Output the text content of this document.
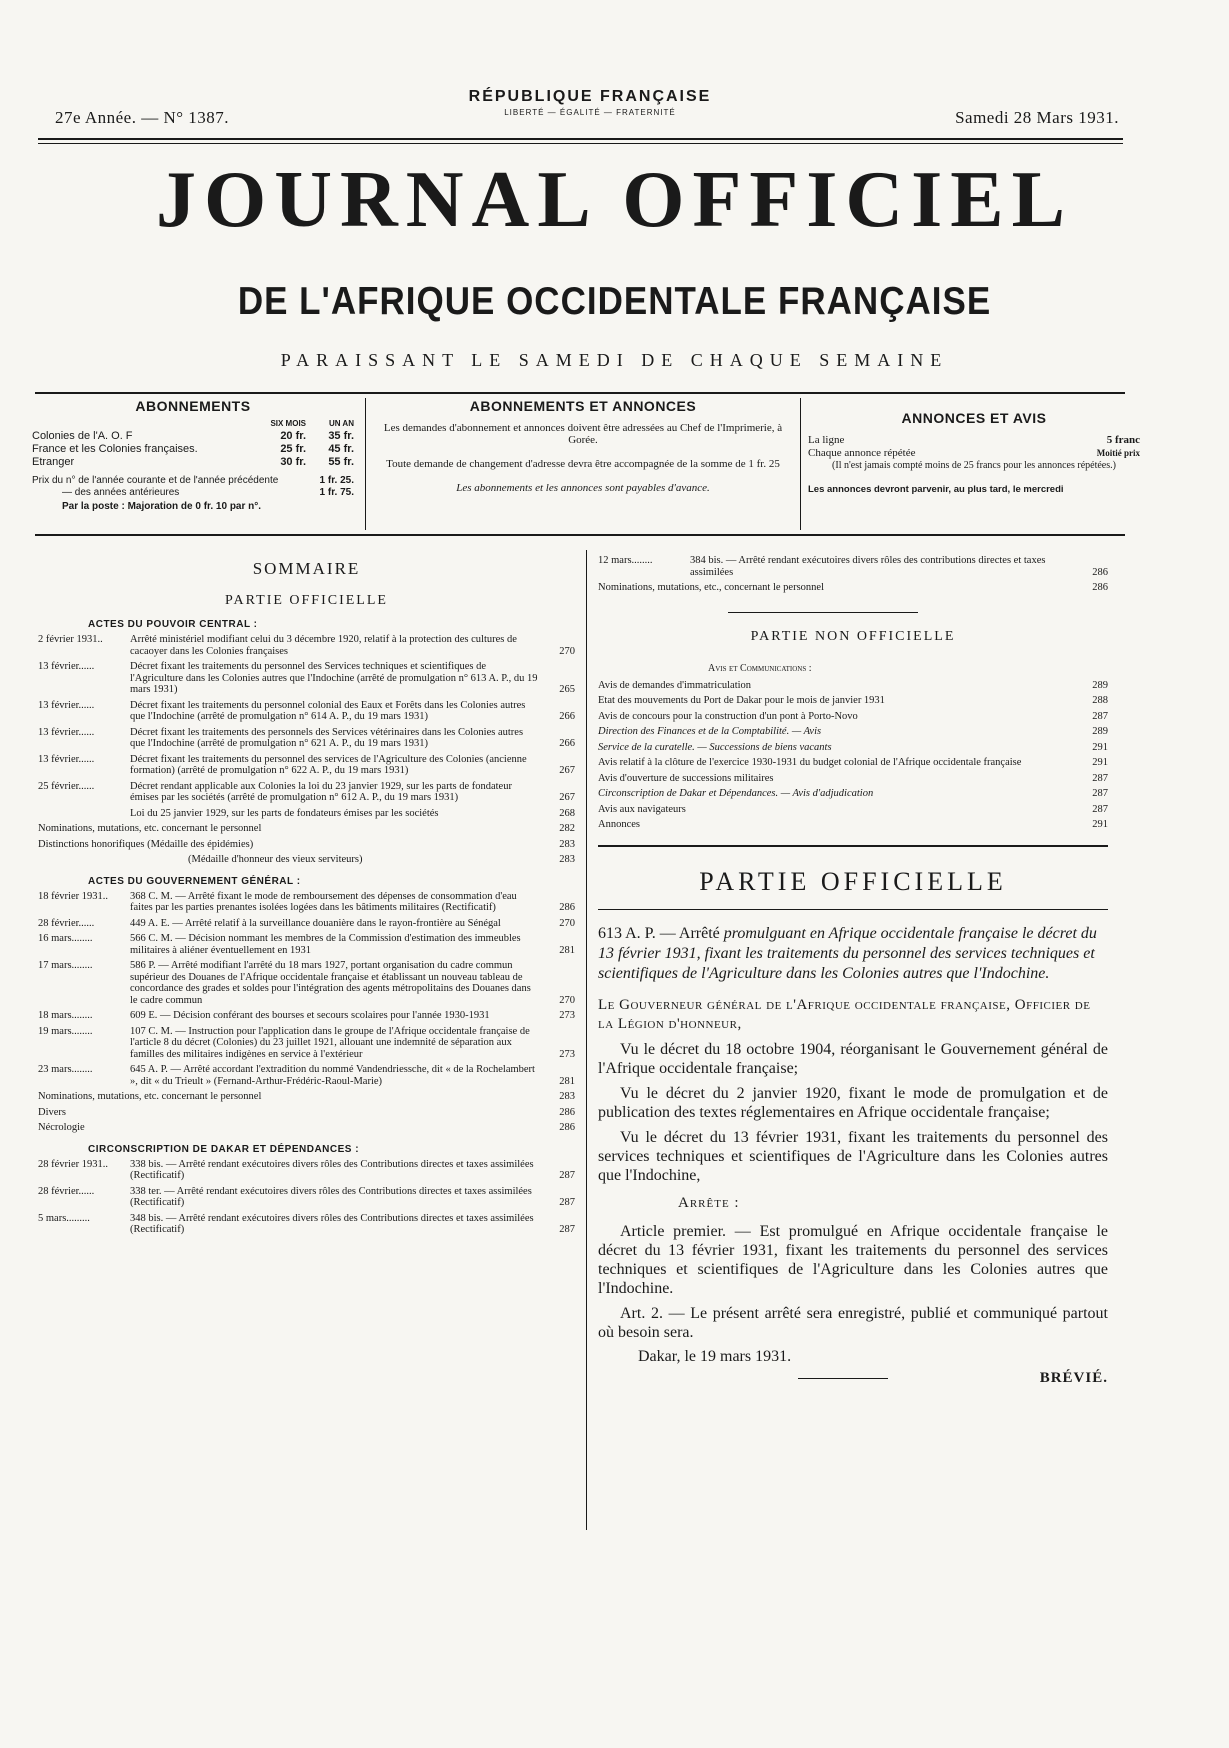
27e Année. — N° 1387.
RÉPUBLIQUE FRANÇAISE
LIBERTÉ — ÉGALITÉ — FRATERNITÉ	Samedi 28 Mars 1931.
JOURNAL OFFICIEL
DE L'AFRIQUE OCCIDENTALE FRANÇAISE
PARAISSANT LE SAMEDI DE CHAQUE SEMAINE
ABONNEMENTS
SIX MOIS	UN AN
Colonies de l'A. O. F	20 fr.	35 fr.
France et les Colonies françaises.	25 fr.	45 fr.
Etranger	30 fr.	55 fr.
Prix du n° de l'année courante et de l'année précédente	1 fr. 25.
— des années antérieures	1 fr. 75.
Par la poste : Majoration de 0 fr. 10 par n°.
ABONNEMENTS ET ANNONCES
Les demandes d'abonnement et annonces doivent être adressées au Chef de l'Imprimerie, à Gorée.
Toute demande de changement d'adresse devra être accompagnée de la somme de 1 fr. 25
Les abonnements et les annonces sont payables d'avance.
ANNONCES ET AVIS
La ligne	5 franc
Chaque annonce répétée	Moitié prix
(Il n'est jamais compté moins de 25 francs pour les annonces répétées.)
Les annonces devront parvenir, au plus tard, le mercredi
SOMMAIRE
PARTIE OFFICIELLE
ACTES DU POUVOIR CENTRAL :
2 février 1931..	Arrêté ministériel modifiant celui du 3 décembre 1920, relatif à la protection des cultures de cacaoyer dans les Colonies françaises	270
13 février......	Décret fixant les traitements du personnel des Services techniques et scientifiques de l'Agriculture dans les Colonies autres que l'Indochine (arrêté de promulgation n° 613 A. P., du 19 mars 1931)	265
13 février......	Décret fixant les traitements du personnel colonial des Eaux et Forêts dans les Colonies autres que l'Indochine (arrêté de promulgation n° 614 A. P., du 19 mars 1931)	266
13 février......	Décret fixant les traitements des personnels des Services vétérinaires dans les Colonies autres que l'Indochine (arrêté de promulgation n° 621 A. P., du 19 mars 1931)	266
13 février......	Décret fixant les traitements du personnel des services de l'Agriculture des Colonies (ancienne formation) (arrêté de promulgation n° 622 A. P., du 19 mars 1931)	267
25 février......	Décret rendant applicable aux Colonies la loi du 23 janvier 1929, sur les parts de fondateur émises par les sociétés (arrêté de promulgation n° 612 A. P., du 19 mars 1931)	267
Loi du 25 janvier 1929, sur les parts de fondateurs émises par les sociétés	268
Nominations, mutations, etc. concernant le personnel	282
Distinctions honorifiques (Médaille des épidémies)	283
(Médaille d'honneur des vieux serviteurs)	283
ACTES DU GOUVERNEMENT GÉNÉRAL :
18 février 1931..	368 C. M. — Arrêté fixant le mode de remboursement des dépenses de consommation d'eau faites par les parties prenantes isolées logées dans les bâtiments militaires (Rectificatif)	286
28 février......	449 A. E. — Arrêté relatif à la surveillance douanière dans le rayon-frontière au Sénégal	270
16 mars........	566 C. M. — Décision nommant les membres de la Commission d'estimation des immeubles militaires à aliéner éventuellement en 1931	281
17 mars........	586 P. — Arrêté modifiant l'arrêté du 18 mars 1927, portant organisation du cadre commun supérieur des Douanes de l'Afrique occidentale française et établissant un nouveau tableau de concordance des grades et soldes pour l'intégration des agents métropolitains des Douanes dans le cadre commun	270
18 mars........	609 E. — Décision conférant des bourses et secours scolaires pour l'année 1930-1931	273
19 mars........	107 C. M. — Instruction pour l'application dans le groupe de l'Afrique occidentale française de l'article 8 du décret (Colonies) du 23 juillet 1921, allouant une indemnité de séparation aux familles des militaires indigènes en service à l'extérieur	273
23 mars........	645 A. P. — Arrêté accordant l'extradition du nommé Vandendriessche, dit « de la Rochelambert », dit « du Trieult » (Fernand-Arthur-Frédéric-Raoul-Marie)	281
Nominations, mutations, etc. concernant le personnel	283
Divers	286
Nécrologie	286
CIRCONSCRIPTION DE DAKAR ET DÉPENDANCES :
28 février 1931..	338 bis. — Arrêté rendant exécutoires divers rôles des Contributions directes et taxes assimilées (Rectificatif)	287
28 février......	338 ter. — Arrêté rendant exécutoires divers rôles des Contributions directes et taxes assimilées (Rectificatif)	287
5 mars.........	348 bis. — Arrêté rendant exécutoires divers rôles des Contributions directes et taxes assimilées (Rectificatif)	287
12 mars........	384 bis. — Arrêté rendant exécutoires divers rôles des contributions directes et taxes assimilées	286
Nominations, mutations, etc., concernant le personnel	286
PARTIE NON OFFICIELLE
Avis et Communications :
Avis de demandes d'immatriculation	289
Etat des mouvements du Port de Dakar pour le mois de janvier 1931	288
Avis de concours pour la construction d'un pont à Porto-Novo	287
Direction des Finances et de la Comptabilité. — Avis	289
Service de la curatelle. — Successions de biens vacants	291
Avis relatif à la clôture de l'exercice 1930-1931 du budget colonial de l'Afrique occidentale française	291
Avis d'ouverture de successions militaires	287
Circonscription de Dakar et Dépendances. — Avis d'adjudication	287
Avis aux navigateurs	287
Annonces	291
PARTIE OFFICIELLE
613 A. P. — Arrêté promulguant en Afrique occidentale française le décret du 13 février 1931, fixant les traitements du personnel des services techniques et scientifiques de l'Agriculture dans les Colonies autres que l'Indochine.
Le Gouverneur général de l'Afrique occidentale française, Officier de la Légion d'honneur,

Vu le décret du 18 octobre 1904, réorganisant le Gouvernement général de l'Afrique occidentale française;

Vu le décret du 2 janvier 1920, fixant le mode de promulgation et de publication des textes réglementaires en Afrique occidentale française;

Vu le décret du 13 février 1931, fixant les traitements du personnel des services techniques et scientifiques de l'Agriculture dans les Colonies autres que l'Indochine,

Arrête :

Article premier. — Est promulgué en Afrique occidentale française le décret du 13 février 1931, fixant les traitements du personnel des services techniques et scientifiques de l'Agriculture dans les Colonies autres que l'Indochine.

Art. 2. — Le présent arrêté sera enregistré, publié et communiqué partout où besoin sera.

Dakar, le 19 mars 1931.
BRÉVIÉ.
